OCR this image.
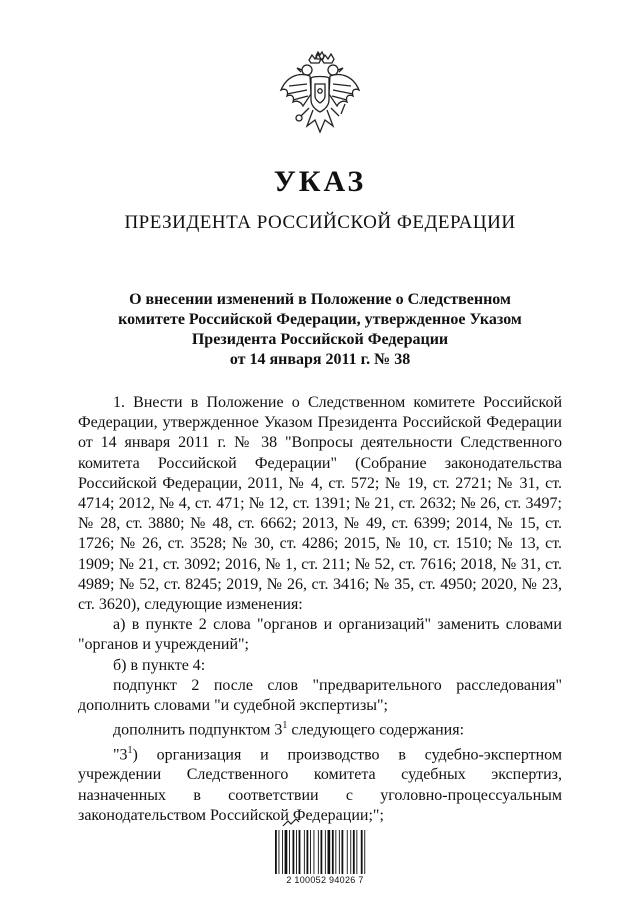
УКАЗ
ПРЕЗИДЕНТА РОССИЙСКОЙ ФЕДЕРАЦИИ
О внесении изменений в Положение о Следственном
комитете Российской Федерации, утвержденное Указом
Президента Российской Федерации
от 14 января 2011 г. № 38

1. Внести в Положение о Следственном комитете Российской Федерации, утвержденное Указом Президента Российской Федерации от 14 января 2011 г. № 38 "Вопросы деятельности Следственного комитета Российской Федерации" (Собрание законодательства Российской Федерации, 2011, № 4, ст. 572; № 19, ст. 2721; № 31, ст. 4714; 2012, № 4, ст. 471; № 12, ст. 1391; № 21, ст. 2632; № 26, ст. 3497; № 28, ст. 3880; № 48, ст. 6662; 2013, № 49, ст. 6399; 2014, № 15, ст. 1726; № 26, ст. 3528; № 30, ст. 4286; 2015, № 10, ст. 1510; № 13, ст. 1909; № 21, ст. 3092; 2016, № 1, ст. 211; № 52, ст. 7616; 2018, № 31, ст. 4989; № 52, ст. 8245; 2019, № 26, ст. 3416; № 35, ст. 4950; 2020, № 23, ст. 3620), следующие изменения:

а) в пункте 2 слова "органов и организаций" заменить словами "органов и учреждений";

б) в пункте 4:

подпункт 2 после слов "предварительного расследования" дополнить словами "и судебной экспертизы";

дополнить подпунктом $3^1$ следующего содержания:

"$3^1$) организация и производство в судебно-экспертном учреждении Следственного комитета судебных экспертиз, назначенных в соответствии с уголовно-процессуальным законодательством Российской Федерации;";

2 100052 94026 7
